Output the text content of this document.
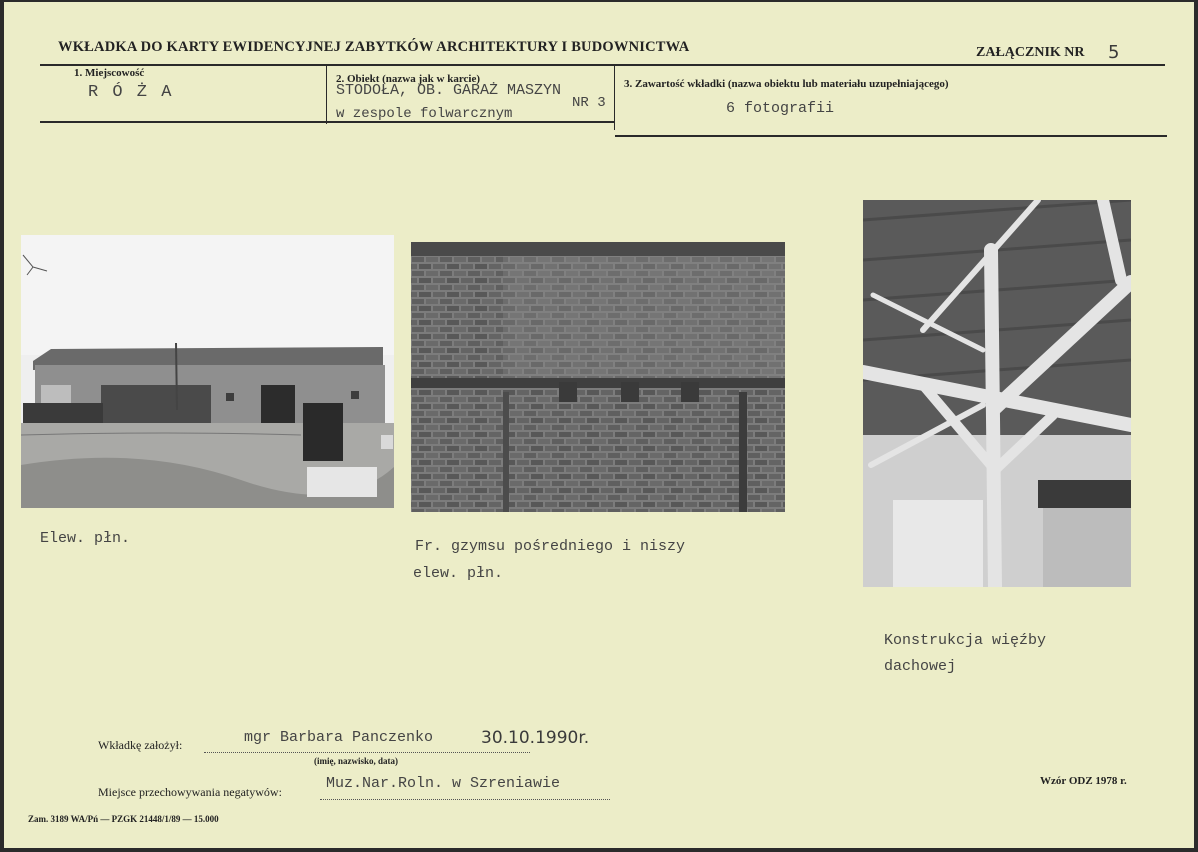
WKŁADKA DO KARTY EWIDENCYJNEJ ZABYTKÓW ARCHITEKTURY I BUDOWNICTWA	ZAŁĄCZNIK NR 5
1. Miejscowość
R Ó Ż A
2. Obiekt (nazwa jak w karcie)
STODOŁA, OB. GARAŻ MASZYN
NR 3
w zespole folwarcznym
3. Zawartość wkładki (nazwa obiektu lub materiału uzupełniającego)
6 fotografii
Elew. płn.	Fr. gzymsu pośredniego i niszy
elew. płn.
Konstrukcja więźby
dachowej
Wkładkę założył:	mgr Barbara Panczenko	30.10.1990r.
(imię, nazwisko, data)
Miejsce przechowywania negatywów:	Muz.Nar.Roln. w Szreniawie	Wzór ODZ 1978 r.
Zam. 3189 WA/Pń — PZGK 21448/1/89 — 15.000
